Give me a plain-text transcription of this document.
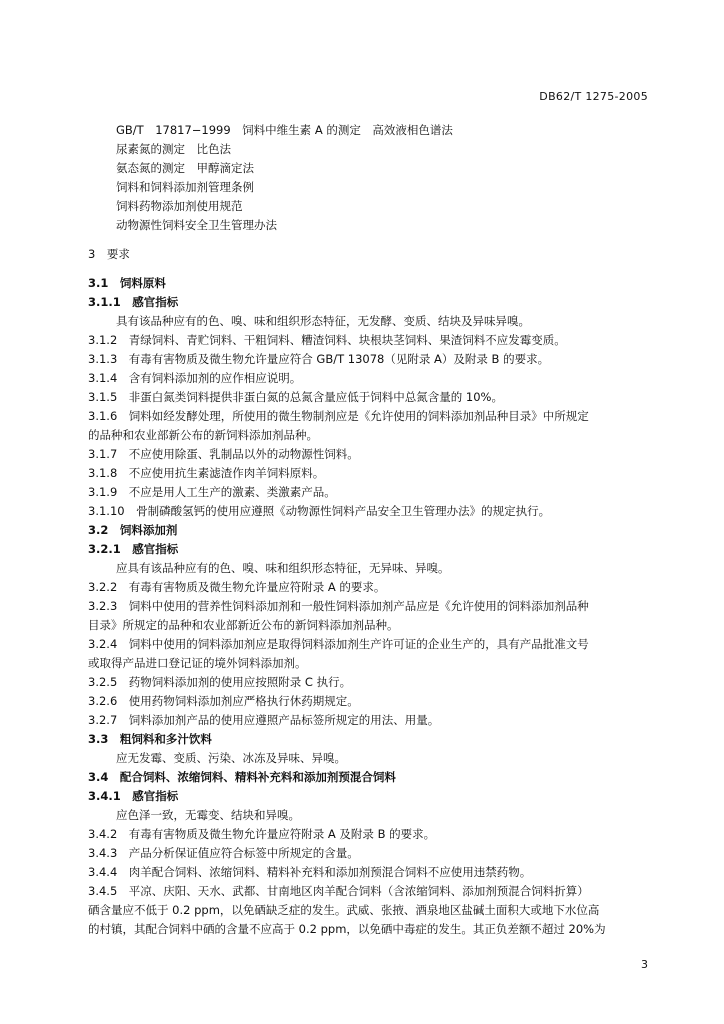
DB62/T 1275-2005
GB/T　17817−1999　饲料中维生素 A 的测定　高效液相色谱法
尿素氮的测定　比色法
氨态氮的测定　甲醇滴定法
饲料和饲料添加剂管理条例
饲料药物添加剂使用规范
动物源性饲料安全卫生管理办法
3　要求
3.1　饲料原料
3.1.1　感官指标
具有该品种应有的色、嗅、味和组织形态特征，无发酵、变质、结块及异味异嗅。
3.1.2　青绿饲料、青贮饲料、干粗饲料、糟渣饲料、块根块茎饲料、果渣饲料不应发霉变质。
3.1.3　有毒有害物质及微生物允许量应符合 GB/T 13078（见附录 A）及附录 B 的要求。
3.1.4　含有饲料添加剂的应作相应说明。
3.1.5　非蛋白氮类饲料提供非蛋白氮的总氮含量应低于饲料中总氮含量的 10%。
3.1.6　饲料如经发酵处理，所使用的微生物制剂应是《允许使用的饲料添加剂品种目录》中所规定
的品种和农业部新公布的新饲料添加剂品种。
3.1.7　不应使用除蛋、乳制品以外的动物源性饲料。
3.1.8　不应使用抗生素滤渣作肉羊饲料原料。
3.1.9　不应是用人工生产的激素、类激素产品。
3.1.10　骨制磷酸氢钙的使用应遵照《动物源性饲料产品安全卫生管理办法》的规定执行。
3.2　饲料添加剂
3.2.1　感官指标
应具有该品种应有的色、嗅、味和组织形态特征，无异味、异嗅。
3.2.2　有毒有害物质及微生物允许量应符附录 A 的要求。
3.2.3　饲料中使用的营养性饲料添加剂和一般性饲料添加剂产品应是《允许使用的饲料添加剂品种
目录》所规定的品种和农业部新近公布的新饲料添加剂品种。
3.2.4　饲料中使用的饲料添加剂应是取得饲料添加剂生产许可证的企业生产的，具有产品批准文号
或取得产品进口登记证的境外饲料添加剂。
3.2.5　药物饲料添加剂的使用应按照附录 C 执行。
3.2.6　使用药物饲料添加剂应严格执行休药期规定。
3.2.7　饲料添加剂产品的使用应遵照产品标签所规定的用法、用量。
3.3　粗饲料和多汁饮料
应无发霉、变质、污染、冰冻及异味、异嗅。
3.4　配合饲料、浓缩饲料、精料补充料和添加剂预混合饲料
3.4.1　感官指标
应色泽一致，无霉变、结块和异嗅。
3.4.2　有毒有害物质及微生物允许量应符附录 A 及附录 B 的要求。
3.4.3　产品分析保证值应符合标签中所规定的含量。
3.4.4　肉羊配合饲料、浓缩饲料、精料补充料和添加剂预混合饲料不应使用违禁药物。
3.4.5　平凉、庆阳、天水、武都、甘南地区肉羊配合饲料（含浓缩饲料、添加剂预混合饲料折算）
硒含量应不低于 0.2 ppm，以免硒缺乏症的发生。武威、张掖、酒泉地区盐碱土面积大或地下水位高
的村镇，其配合饲料中硒的含量不应高于 0.2 ppm，以免硒中毒症的发生。其正负差额不超过 20%为
3
